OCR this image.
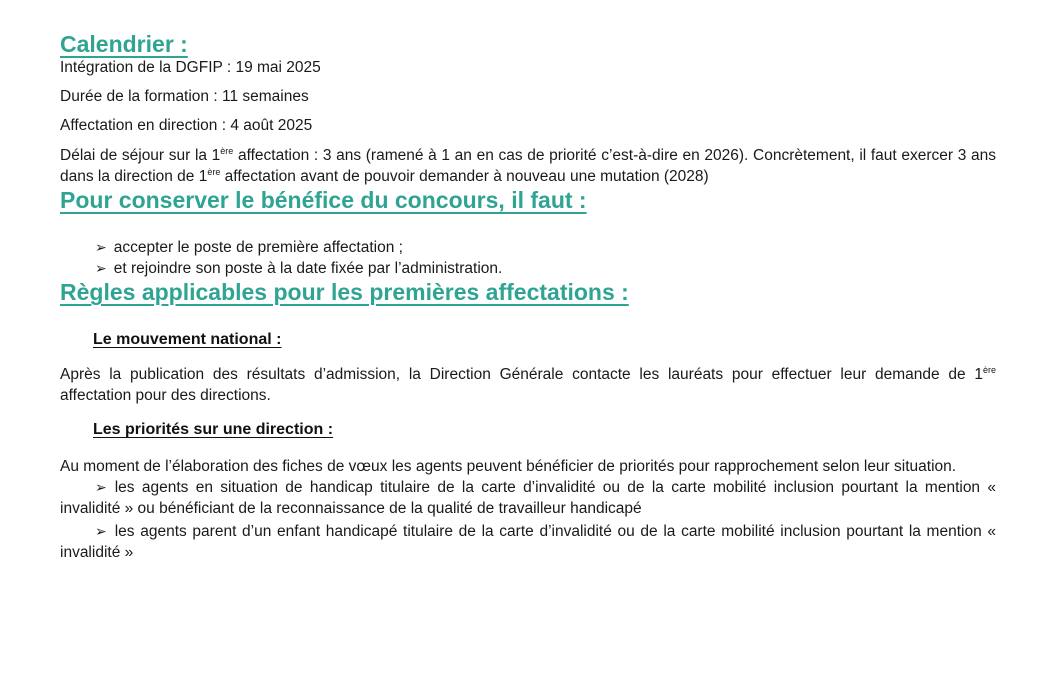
Calendrier :

Intégration de la DGFIP : 19 mai 2025

Durée de la formation : 11 semaines

Affectation en direction : 4 août 2025

Délai de séjour sur la 1ère affectation : 3 ans (ramené à 1 an en cas de priorité c’est-à-dire en 2026). Concrètement, il faut exercer 3 ans dans la direction de 1ère affectation avant de pouvoir demander à nouveau une mutation (2028)

Pour conserver le bénéfice du concours, il faut :

➢ accepter le poste de première affectation ;

➢ et rejoindre son poste à la date fixée par l’administration.

Règles applicables pour les premières affectations :
Le mouvement national :

Après la publication des résultats d’admission, la Direction Générale contacte les lauréats pour effectuer leur demande de 1ère affectation pour des directions.

Les priorités sur une direction :

Au moment de l’élaboration des fiches de vœux les agents peuvent bénéficier de priorités pour rapprochement selon leur situation.

➢ les agents en situation de handicap titulaire de la carte d’invalidité ou de la carte mobilité inclusion pourtant la mention « invalidité » ou bénéficiant de la reconnaissance de la qualité de travailleur handicapé

➢ les agents parent d’un enfant handicapé titulaire de la carte d’invalidité ou de la carte mobilité inclusion pourtant la mention « invalidité »
